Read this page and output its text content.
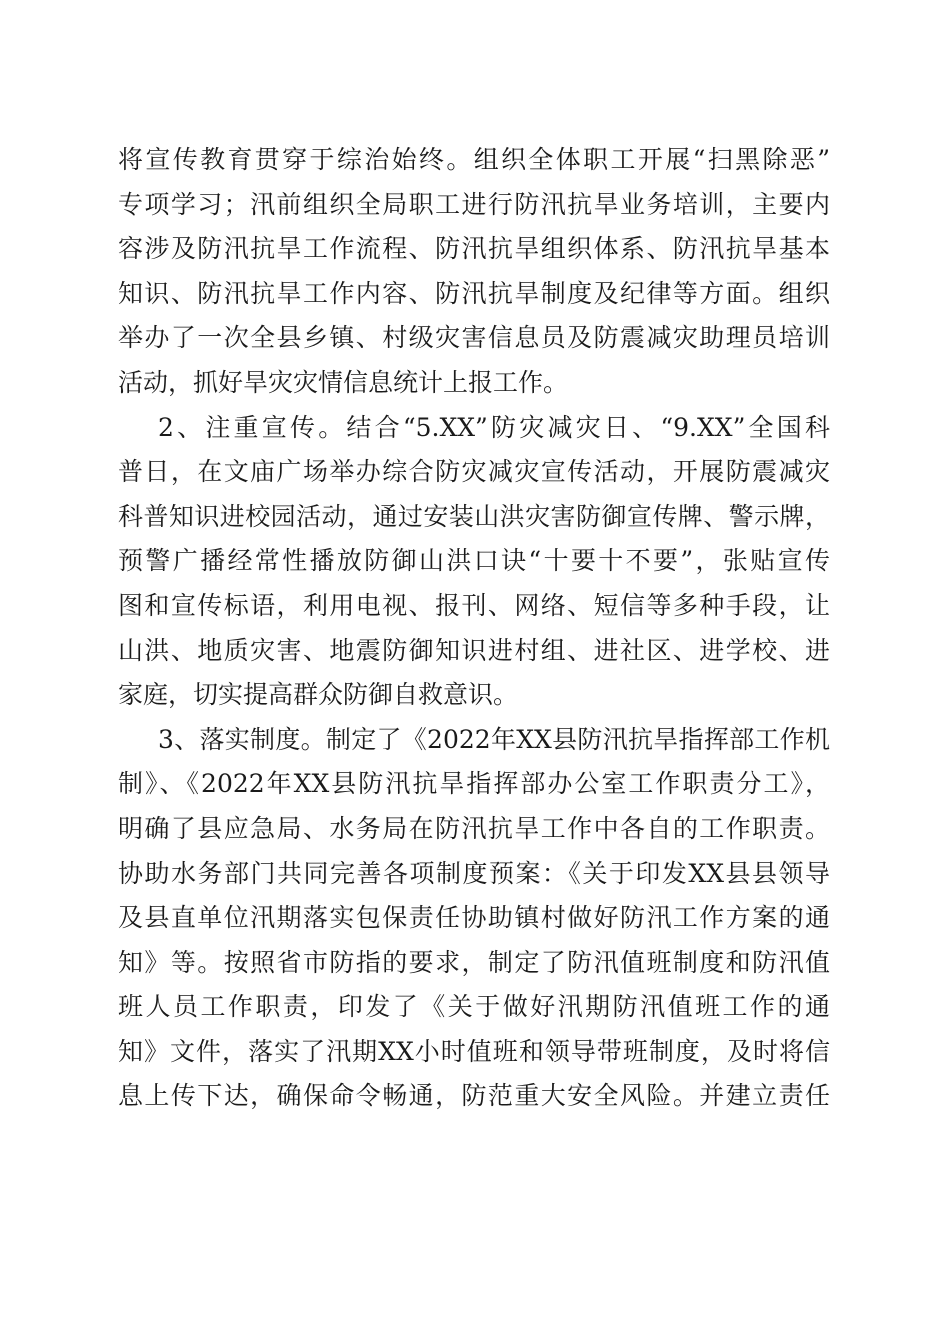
将宣传教育贯穿于综治始终。组织全体职工开展“扫黑除恶”
专项学习；汛前组织全局职工进行防汛抗旱业务培训，主要内
容涉及防汛抗旱工作流程、防汛抗旱组织体系、防汛抗旱基本
知识、防汛抗旱工作内容、防汛抗旱制度及纪律等方面。组织
举办了一次全县乡镇、村级灾害信息员及防震减灾助理员培训
活动，抓好旱灾灾情信息统计上报工作。
2、注重宣传。结合“5.XX”防灾减灾日、“9.XX”全国科
普日，在文庙广场举办综合防灾减灾宣传活动，开展防震减灾
科普知识进校园活动，通过安装山洪灾害防御宣传牌、警示牌，
预警广播经常性播放防御山洪口诀“十要十不要”，张贴宣传
图和宣传标语，利用电视、报刊、网络、短信等多种手段，让
山洪、地质灾害、地震防御知识进村组、进社区、进学校、进
家庭，切实提高群众防御自救意识。
3、落实制度。制定了《2022年XX县防汛抗旱指挥部工作机
制》、《2022年XX县防汛抗旱指挥部办公室工作职责分工》，
明确了县应急局、水务局在防汛抗旱工作中各自的工作职责。
协助水务部门共同完善各项制度预案：《关于印发XX县县领导
及县直单位汛期落实包保责任协助镇村做好防汛工作方案的通
知》等。按照省市防指的要求，制定了防汛值班制度和防汛值
班人员工作职责，印发了《关于做好汛期防汛值班工作的通
知》文件，落实了汛期XX小时值班和领导带班制度，及时将信
息上传下达，确保命令畅通，防范重大安全风险。并建立责任
